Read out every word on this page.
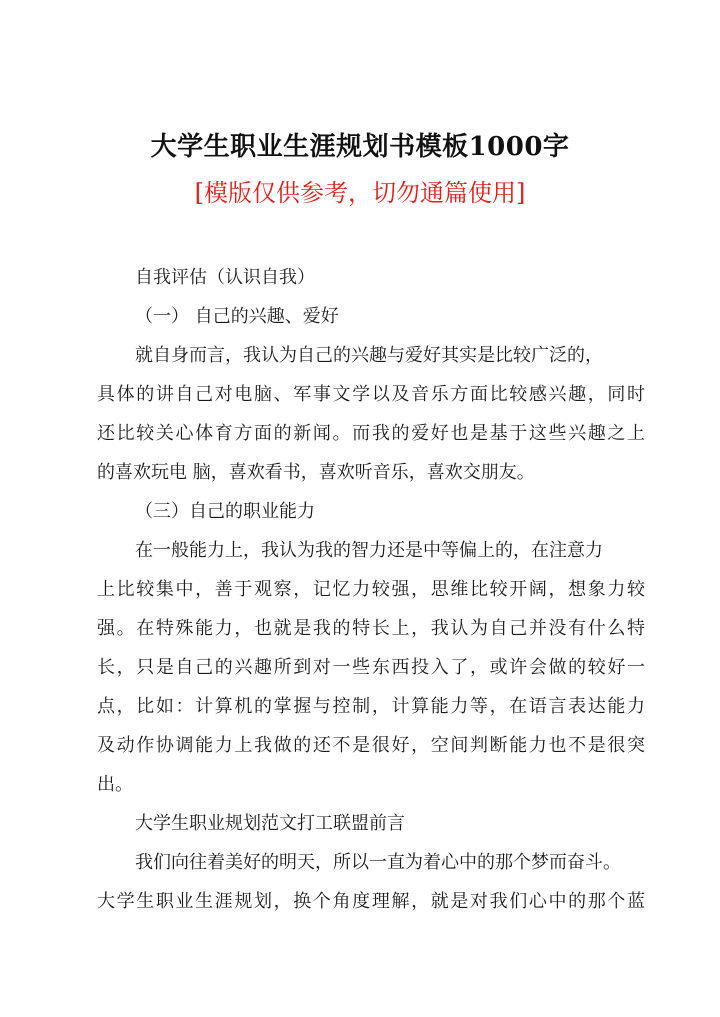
大学生职业生涯规划书模板1000字
[模版仅供参考，切勿通篇使用]
自我评估（认识自我）
（一） 自己的兴趣、爱好
就自身而言，我认为自己的兴趣与爱好其实是比较广泛的，
具体的讲自己对电脑、军事文学以及音乐方面比较感兴趣，同时
还比较关心体育方面的新闻。而我的爱好也是基于这些兴趣之上
的喜欢玩电 脑，喜欢看书，喜欢听音乐，喜欢交朋友。
（三）自己的职业能力
在一般能力上，我认为我的智力还是中等偏上的，在注意力
上比较集中，善于观察，记忆力较强，思维比较开阔，想象力较
强。在特殊能力，也就是我的特长上，我认为自己并没有什么特
长，只是自己的兴趣所到对一些东西投入了，或许会做的较好一
点，比如：计算机的掌握与控制，计算能力等，在语言表达能力
及动作协调能力上我做的还不是很好，空间判断能力也不是很突
出。
大学生职业规划范文打工联盟前言
我们向往着美好的明天，所以一直为着心中的那个梦而奋斗。
大学生职业生涯规划，换个角度理解，就是对我们心中的那个蓝
